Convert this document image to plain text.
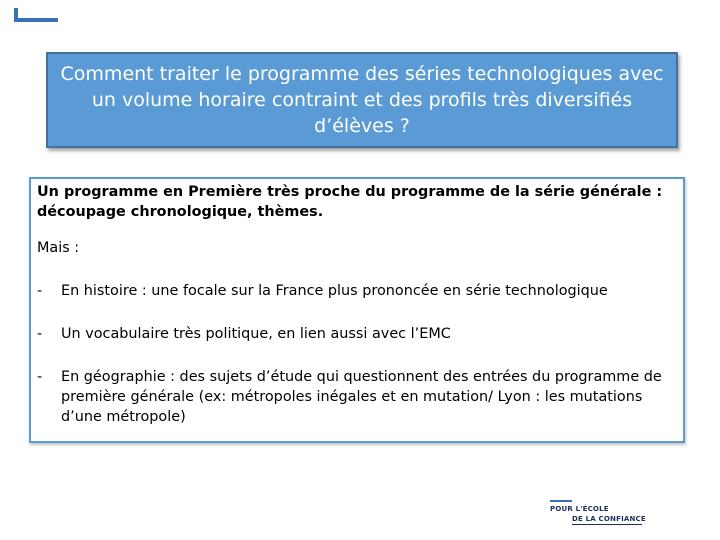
Comment traiter le programme des séries technologiques avec un volume horaire contraint et des profils très diversifiés d’élèves ?

Un programme en Première très proche du programme de la série générale : découpage chronologique, thèmes.

Mais :

-	En histoire : une focale sur la France plus prononcée en série technologique
-	Un vocabulaire très politique, en lien aussi avec l’EMC
-	En géographie : des sujets d’étude qui questionnent des entrées du programme de première générale (ex: métropoles inégales et en mutation/ Lyon : les mutations d’une métropole)
POUR L'ÉCOLE
DE LA CONFIANCE
